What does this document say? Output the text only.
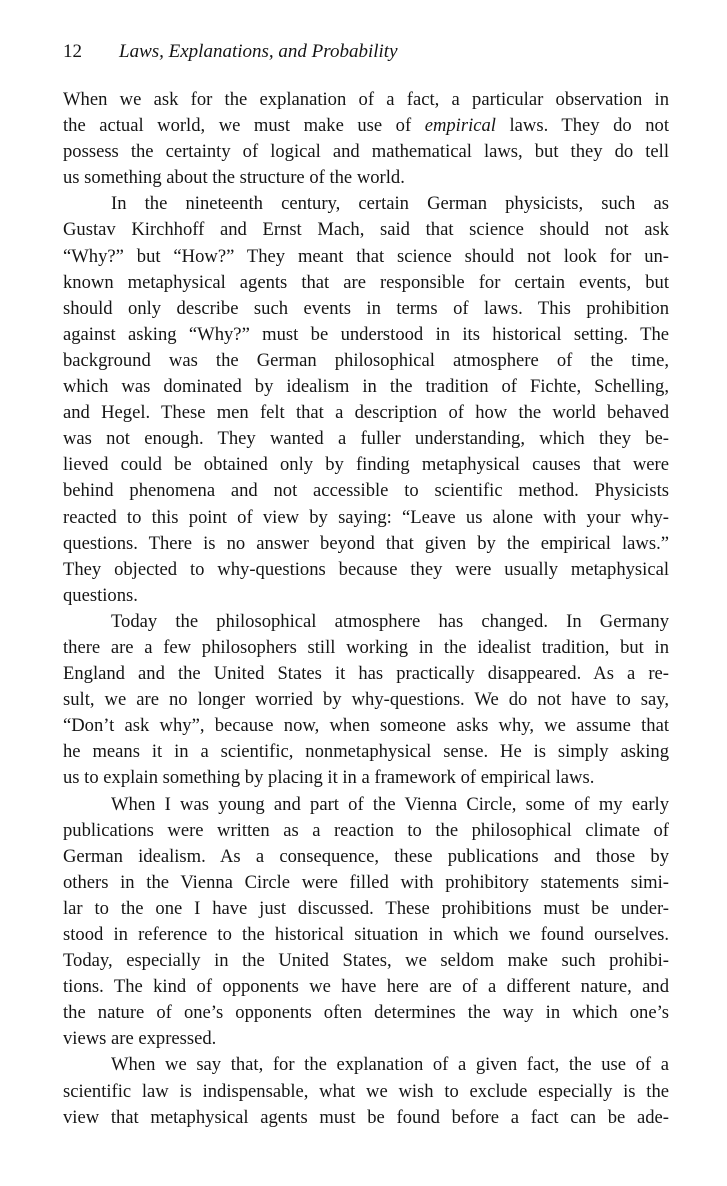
12 Laws, Explanations, and Probability
When we ask for the explanation of a fact, a particular observation in
the actual world, we must make use of empirical laws. They do not
possess the certainty of logical and mathematical laws, but they do tell
us something about the structure of the world.
In the nineteenth century, certain German physicists, such as
Gustav Kirchhoff and Ernst Mach, said that science should not ask
“Why?” but “How?” They meant that science should not look for un-
known metaphysical agents that are responsible for certain events, but
should only describe such events in terms of laws. This prohibition
against asking “Why?” must be understood in its historical setting. The
background was the German philosophical atmosphere of the time,
which was dominated by idealism in the tradition of Fichte, Schelling,
and Hegel. These men felt that a description of how the world behaved
was not enough. They wanted a fuller understanding, which they be-
lieved could be obtained only by finding metaphysical causes that were
behind phenomena and not accessible to scientific method. Physicists
reacted to this point of view by saying: “Leave us alone with your why-
questions. There is no answer beyond that given by the empirical laws.”
They objected to why-questions because they were usually metaphysical
questions.
Today the philosophical atmosphere has changed. In Germany
there are a few philosophers still working in the idealist tradition, but in
England and the United States it has practically disappeared. As a re-
sult, we are no longer worried by why-questions. We do not have to say,
“Don’t ask why”, because now, when someone asks why, we assume that
he means it in a scientific, nonmetaphysical sense. He is simply asking
us to explain something by placing it in a framework of empirical laws.
When I was young and part of the Vienna Circle, some of my early
publications were written as a reaction to the philosophical climate of
German idealism. As a consequence, these publications and those by
others in the Vienna Circle were filled with prohibitory statements simi-
lar to the one I have just discussed. These prohibitions must be under-
stood in reference to the historical situation in which we found ourselves.
Today, especially in the United States, we seldom make such prohibi-
tions. The kind of opponents we have here are of a different nature, and
the nature of one’s opponents often determines the way in which one’s
views are expressed.
When we say that, for the explanation of a given fact, the use of a
scientific law is indispensable, what we wish to exclude especially is the
view that metaphysical agents must be found before a fact can be ade-
